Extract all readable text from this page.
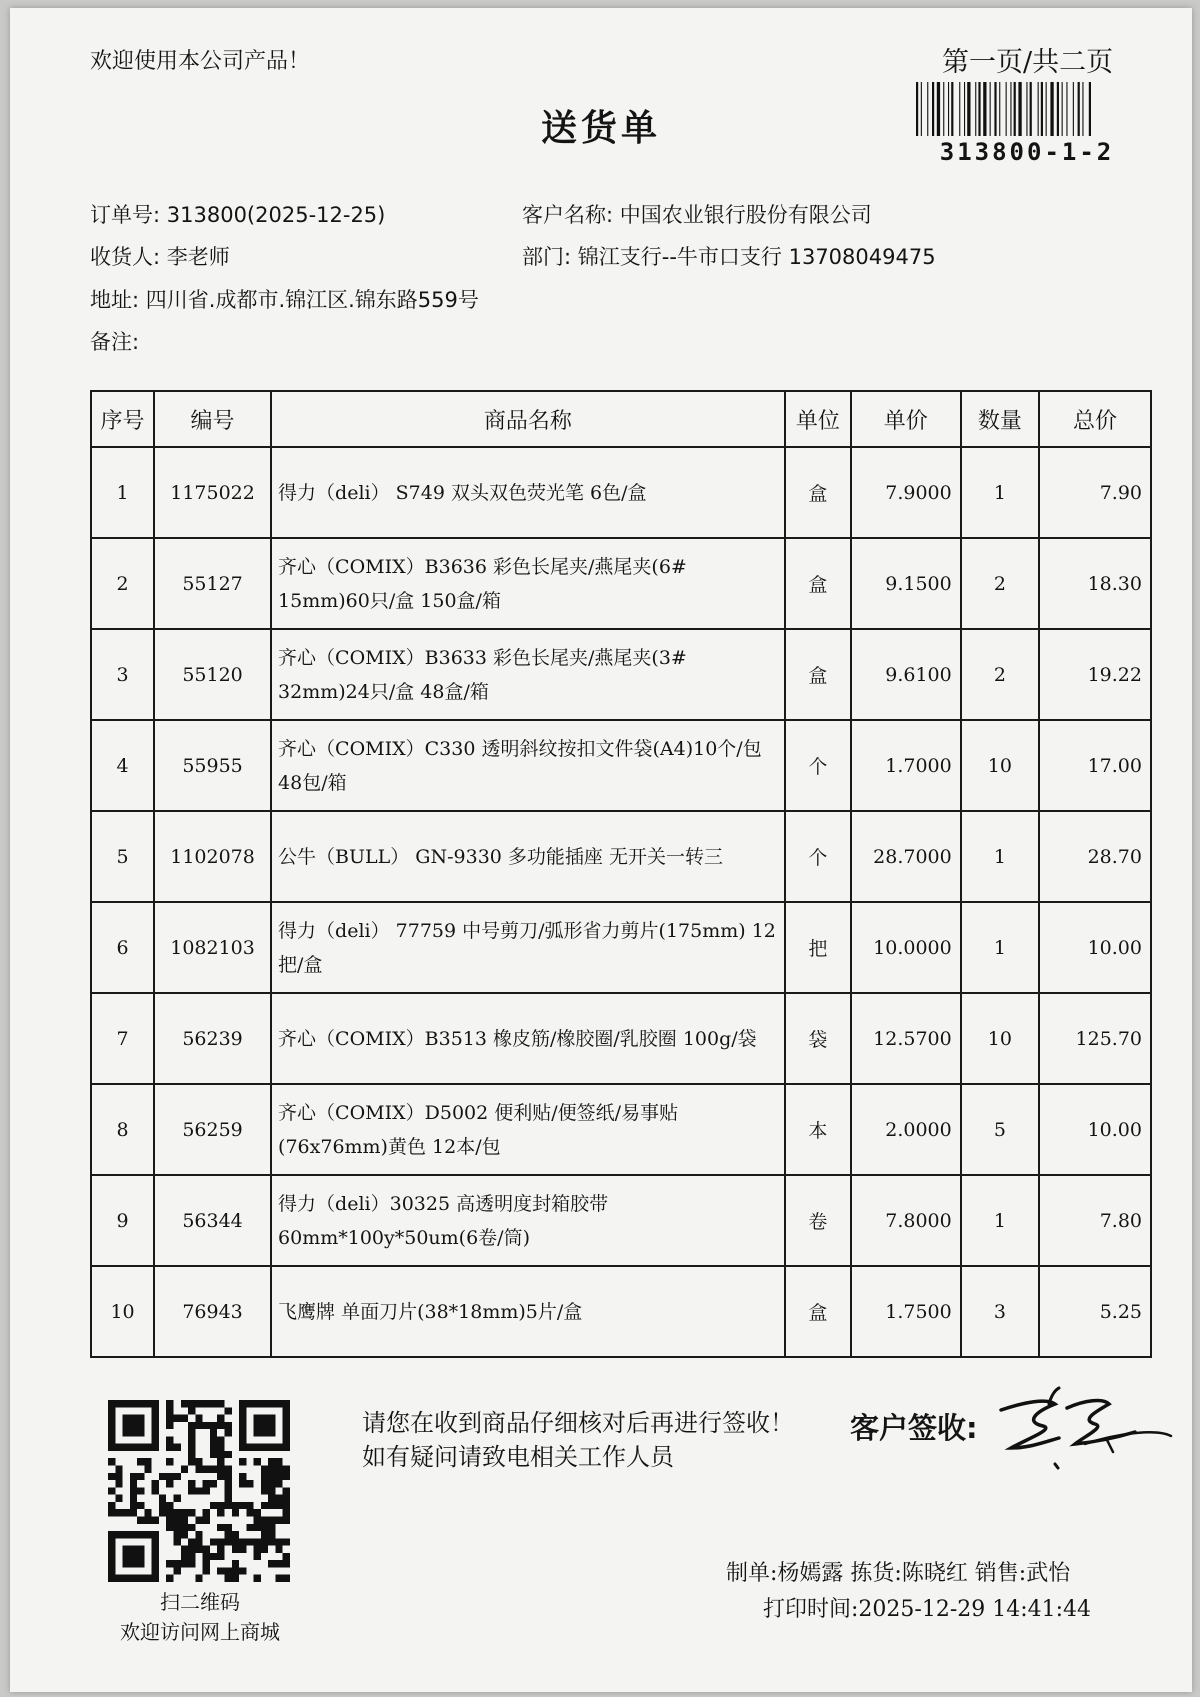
欢迎使用本公司产品！	第一页/共二页
送货单
313800-1-2
订单号: 313800(2025-12-25)	客户名称: 中国农业银行股份有限公司
收货人: 李老师	部门: 锦江支行--牛市口支行 13708049475
地址: 四川省.成都市.锦江区.锦东路559号
备注:
序号	编号	商品名称	单位	单价	数量	总价
1	1175022	得力（deli） S749 双头双色荧光笔 6色/盒	盒	7.9000	1	7.90
2	55127	齐心（COMIX）B3636 彩色长尾夹/燕尾夹(6# 15mm)60只/盒 150盒/箱	盒	9.1500	2	18.30
3	55120	齐心（COMIX）B3633 彩色长尾夹/燕尾夹(3# 32mm)24只/盒 48盒/箱	盒	9.6100	2	19.22
4	55955	齐心（COMIX）C330 透明斜纹按扣文件袋(A4)10个/包 48包/箱	个	1.7000	10	17.00
5	1102078	公牛（BULL） GN-9330 多功能插座 无开关一转三	个	28.7000	1	28.70
6	1082103	得力（deli） 77759 中号剪刀/弧形省力剪片(175mm) 12把/盒	把	10.0000	1	10.00
7	56239	齐心（COMIX）B3513 橡皮筋/橡胶圈/乳胶圈 100g/袋	袋	12.5700	10	125.70
8	56259	齐心（COMIX）D5002 便利贴/便签纸/易事贴(76x76mm)黄色 12本/包	本	2.0000	5	10.00
9	56344	得力（deli）30325 高透明度封箱胶带 60mm*100y*50um(6卷/筒)	卷	7.8000	1	7.80
10	76943	飞鹰牌 单面刀片(38*18mm)5片/盒	盒	1.7500	3	5.25
扫二维码
欢迎访问网上商城
请您在收到商品仔细核对后再进行签收！如有疑问请致电相关工作人员
客户签收:
制单:杨嫣露 拣货:陈晓红 销售:武怡
打印时间:2025-12-29 14:41:44
